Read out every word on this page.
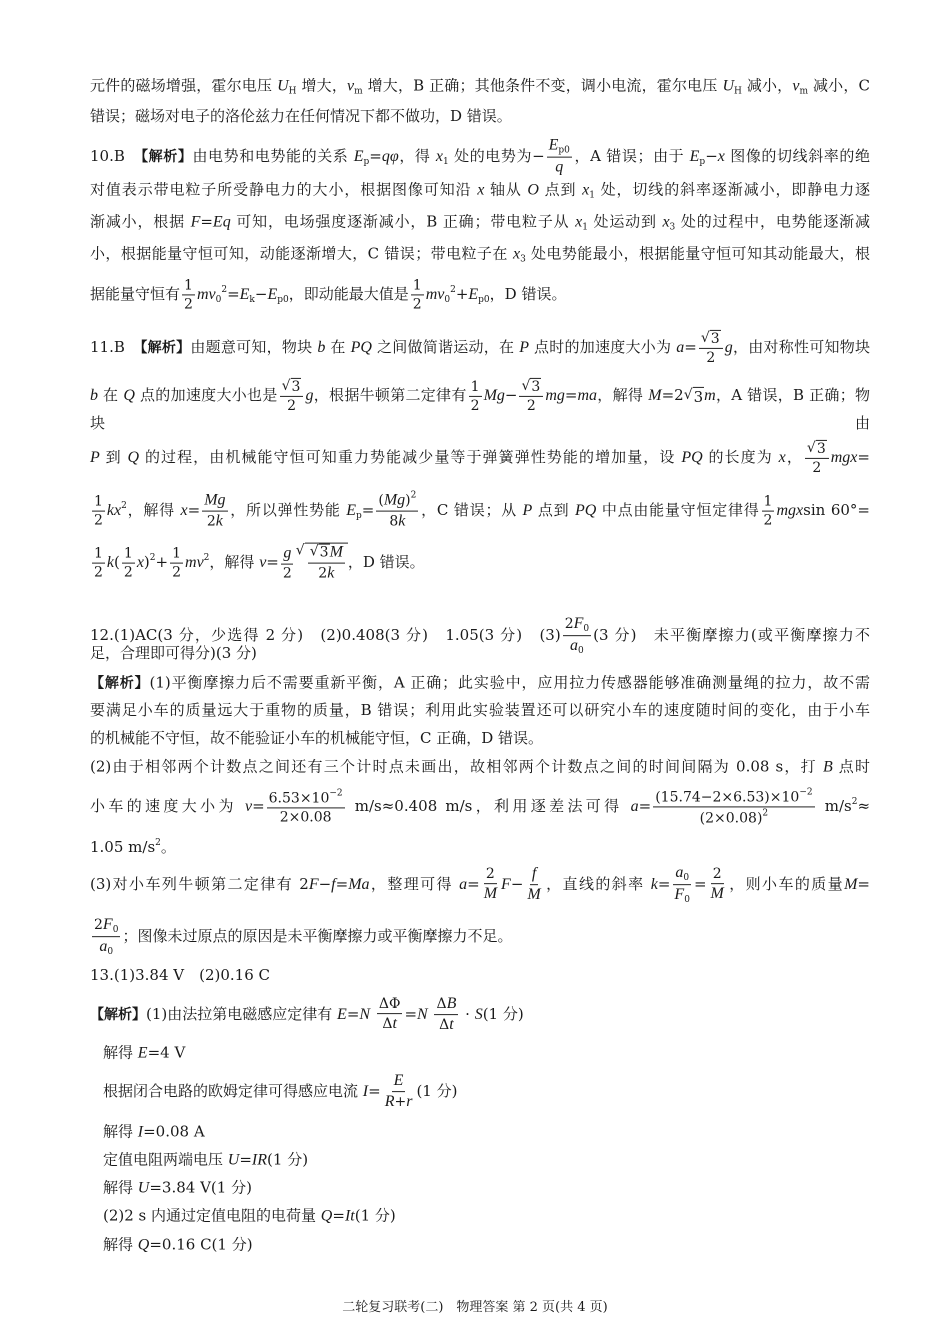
二轮复习联考(二)　物理答案 第 2 页(共 4 页)
元件的磁场增强，霍尔电压 $U_H$ 增大，$v_m$ 增大，B 正确；其他条件不变，调小电流，霍尔电压 $U_H$ 减小，$v_m$ 减小，C
错误；磁场对电子的洛伦兹力在任何情况下都不做功，D 错误。
10.B　【解析】由电势和电势能的关系 $E_p=q\varphi$，得 $x_1$ 处的电势为− $\frac{E_{p0}}{q}$ ，A 错误；由于 $E_p-x$ 图像的切线斜率的绝
对值表示带电粒子所受静电力的大小，根据图像可知沿 x 轴从 O 点到 $x_1$ 处，切线的斜率逐渐减小，即静电力逐
渐减小，根据 F=Eq 可知，电场强度逐渐减小，B 正确；带电粒子从 $x_1$ 处运动到 $x_3$ 处的过程中，电势能逐渐减
小，根据能量守恒可知，动能逐渐增大，C 错误；带电粒子在 $x_3$ 处电势能最小，根据能量守恒可知其动能最大，根
据能量守恒有 $\frac{1}{2} mv_0^2=E_k-E_{p0}$，即动能最大值是 $\frac{1}{2} mv_0^2+E_{p0}$，D 错误。
11.B　【解析】由题意可知，物块 b 在 PQ 之间做简谐运动，在 P 点时的加速度大小为 $a= \frac{√ 3}{2}$ g，由对称性可知物块
b 在 Q 点的加速度大小也是 $\frac{√ 3}{2}$ g，根据牛顿第二定律有 $\frac{1}{2} Mg- \frac{√ 3}{2} mg=ma$，解得 M=2 √ 3 m，A 错误，B 正确；物块由
P 到 Q 的过程，由机械能守恒可知重力势能减少量等于弹簧弹性势能的增加量，设 PQ 的长度为 x， $\frac{√ 3}{2} mgx=$
$\frac{1}{2} kx^2$，解得 $x= \frac{Mg}{2k}$ ，所以弹性势能 $E_p= \frac{(Mg)^2}{8k}$ ，C 错误；从 P 点到 PQ 中点由能量守恒定律得 $\frac{1}{2}$ mgxsin 60°=
$\frac{1}{2} k( \frac{1}{2} x)^2+ \frac{1}{2} mv^2$，解得 $v= \frac{g}{2}$ √ $\frac{√ 3 M}{2k}$ ，D 错误。
12.(1)AC(3 分，少选得 2 分)　(2)0.408(3 分)　1.05(3 分)　$(3) \frac{2F_0}{a_0} (3$ 分)　未平衡摩擦力(或平衡摩擦力不
足，合理即可得分)(3 分)
【解析】(1)平衡摩擦力后不需要重新平衡，A 正确；此实验中，应用拉力传感器能够准确测量绳的拉力，故不需
要满足小车的质量远大于重物的质量，B 错误；利用此实验装置还可以研究小车的速度随时间的变化，由于小车
的机械能不守恒，故不能验证小车的机械能守恒，C 正确，D 错误。
(2)由于相邻两个计数点之间还有三个计时点未画出，故相邻两个计数点之间的时间间隔为 0.08 s，打 B 点时
小车的速度大小为 $v= \frac{6.53\times 10^{-2}}{2\times 0.08} m/s\approx 0.408$ m/s，利用逐差法可得 $a= \frac{(15.74-2\times 6.53)\times 10^{-2}}{(2\times 0.08)^2} m/s^2\approx$
1.05 $m/s^2$。
(3)对小车列牛顿第二定律有 2F−f=Ma，整理可得 $a= \frac{2}{M} F- \frac{f}{M}$ ，直线的斜率 $k= \frac{a_0}{F_0} = \frac{2}{M}$ ，则小车的质量M=
$\frac{2F_0}{a_0}$ ；图像未过原点的原因是未平衡摩擦力或平衡摩擦力不足。
13.(1)3.84 V　(2)0.16 C
【解析】(1)由法拉第电磁感应定律有 $E=N \frac{\Delta\Phi}{\Delta t} =N \frac{\Delta B}{\Delta t} \cdot S(1$ 分)
解得 E=4 V
根据闭合电路的欧姆定律可得感应电流 $I= \frac{E}{R+r} (1$ 分)
解得 I=0.08 A
定值电阻两端电压 U=IR(1 分)
解得 U=3.84 V(1 分)
(2)2 s 内通过定值电阻的电荷量 Q=It(1 分)
解得 Q=0.16 C(1 分)
